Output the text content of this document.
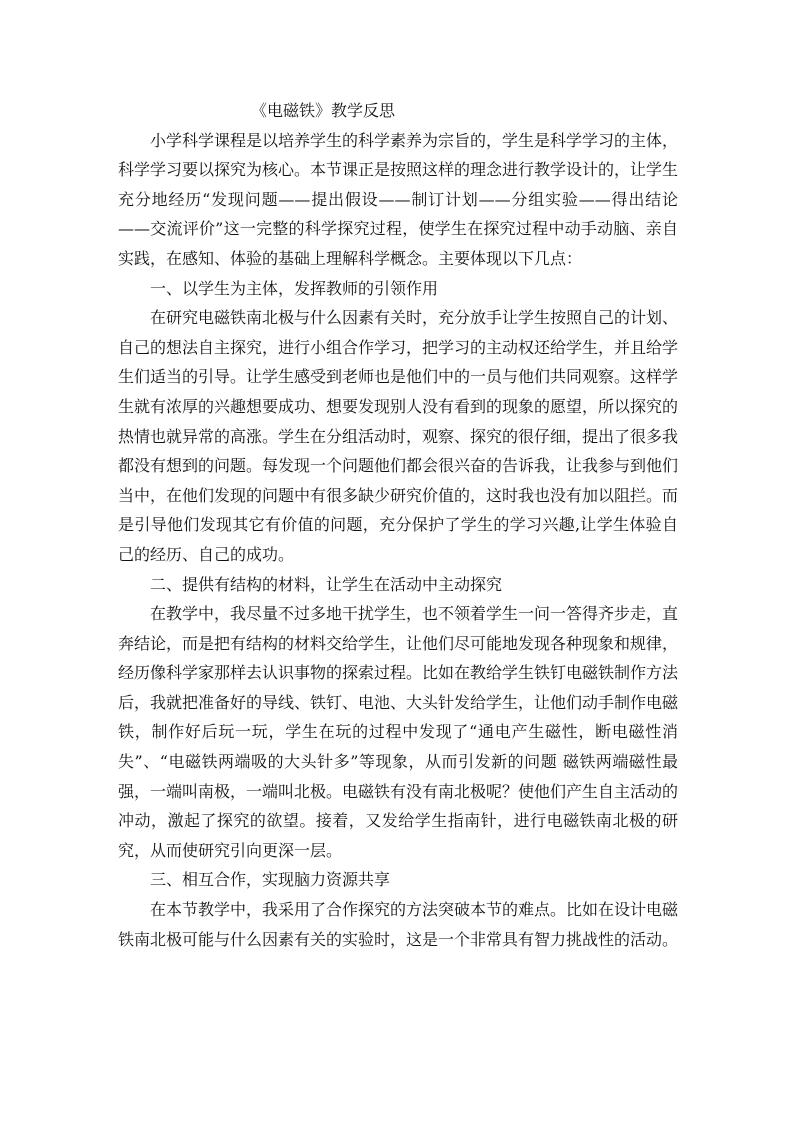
《电磁铁》教学反思

小学科学课程是以培养学生的科学素养为宗旨的，学生是科学学习的主体，科学学习要以探究为核心。本节课正是按照这样的理念进行教学设计的，让学生充分地经历“发现问题——提出假设——制订计划——分组实验——得出结论——交流评价”这一完整的科学探究过程，使学生在探究过程中动手动脑、亲自实践，在感知、体验的基础上理解科学概念。主要体现以下几点：

一、以学生为主体，发挥教师的引领作用

在研究电磁铁南北极与什么因素有关时，充分放手让学生按照自己的计划、自己的想法自主探究，进行小组合作学习，把学习的主动权还给学生，并且给学生们适当的引导。让学生感受到老师也是他们中的一员与他们共同观察。这样学生就有浓厚的兴趣想要成功、想要发现别人没有看到的现象的愿望，所以探究的热情也就异常的高涨。学生在分组活动时，观察、探究的很仔细，提出了很多我都没有想到的问题。每发现一个问题他们都会很兴奋的告诉我，让我参与到他们当中，在他们发现的问题中有很多缺少研究价值的，这时我也没有加以阻拦。而是引导他们发现其它有价值的问题，充分保护了学生的学习兴趣,让学生体验自己的经历、自己的成功。

二、提供有结构的材料，让学生在活动中主动探究

在教学中，我尽量不过多地干扰学生，也不领着学生一问一答得齐步走，直奔结论，而是把有结构的材料交给学生，让他们尽可能地发现各种现象和规律，经历像科学家那样去认识事物的探索过程。比如在教给学生铁钉电磁铁制作方法后，我就把准备好的导线、铁钉、电池、大头针发给学生，让他们动手制作电磁铁，制作好后玩一玩，学生在玩的过程中发现了“通电产生磁性，断电磁性消失”、“电磁铁两端吸的大头针多”等现象，从而引发新的问题 磁铁两端磁性最强，一端叫南极，一端叫北极。电磁铁有没有南北极呢？使他们产生自主活动的冲动，激起了探究的欲望。接着，又发给学生指南针，进行电磁铁南北极的研究，从而使研究引向更深一层。

三、相互合作，实现脑力资源共享

在本节教学中，我采用了合作探究的方法突破本节的难点。比如在设计电磁铁南北极可能与什么因素有关的实验时，这是一个非常具有智力挑战性的活动。
